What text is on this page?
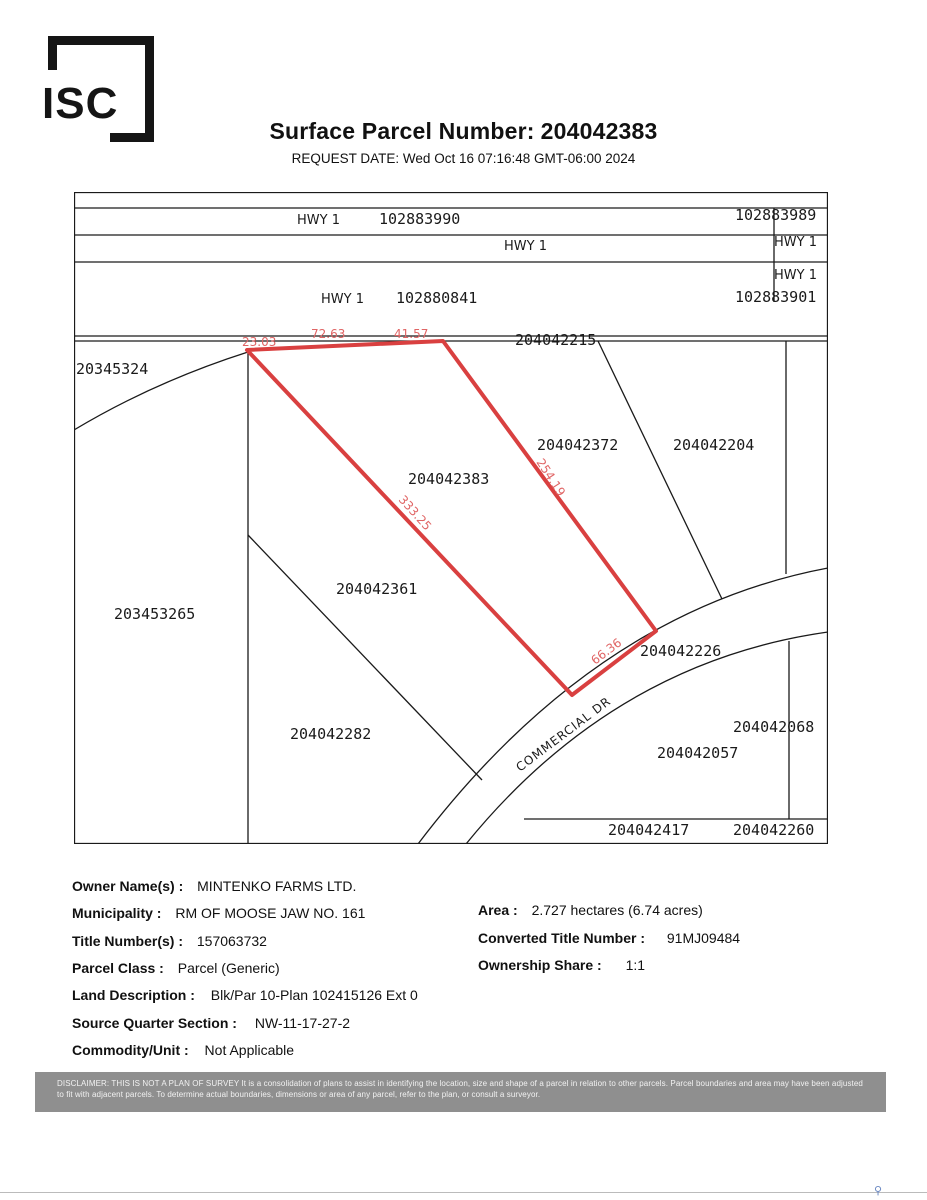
ISC
Surface Parcel Number: 204042383
REQUEST DATE: Wed Oct 16 07:16:48 GMT-06:00 2024
HWY 1	102883990	102883989
HWY 1	HWY 1
HWY 1
102883901
HWY 1 102880841
20345324
204042215
204042372	204042204
204042383
204042361
203453265
204042226
204042068
204042057
204042282
204042417	204042260
COMMERCIAL DR
23.03
72.63	41.57
254.19
333.25
66.36
Owner Name(s) : MINTENKO FARMS LTD.
Municipality : RM OF MOOSE JAW NO. 161
Title Number(s) : 157063732
Parcel Class : Parcel (Generic)
Land Description : Blk/Par 10-Plan 102415126 Ext 0
Source Quarter Section : NW-11-17-27-2
Commodity/Unit : Not Applicable
Area : 2.727 hectares (6.74 acres)
Converted Title Number : 91MJ09484
Ownership Share : 1:1
DISCLAIMER: THIS IS NOT A PLAN OF SURVEY It is a consolidation of plans to assist in identifying the location, size and shape of a parcel in relation to other parcels. Parcel boundaries and area may have been adjusted to fit with adjacent parcels. To determine actual boundaries, dimensions or area of any parcel, refer to the plan, or consult a surveyor.
⚲
